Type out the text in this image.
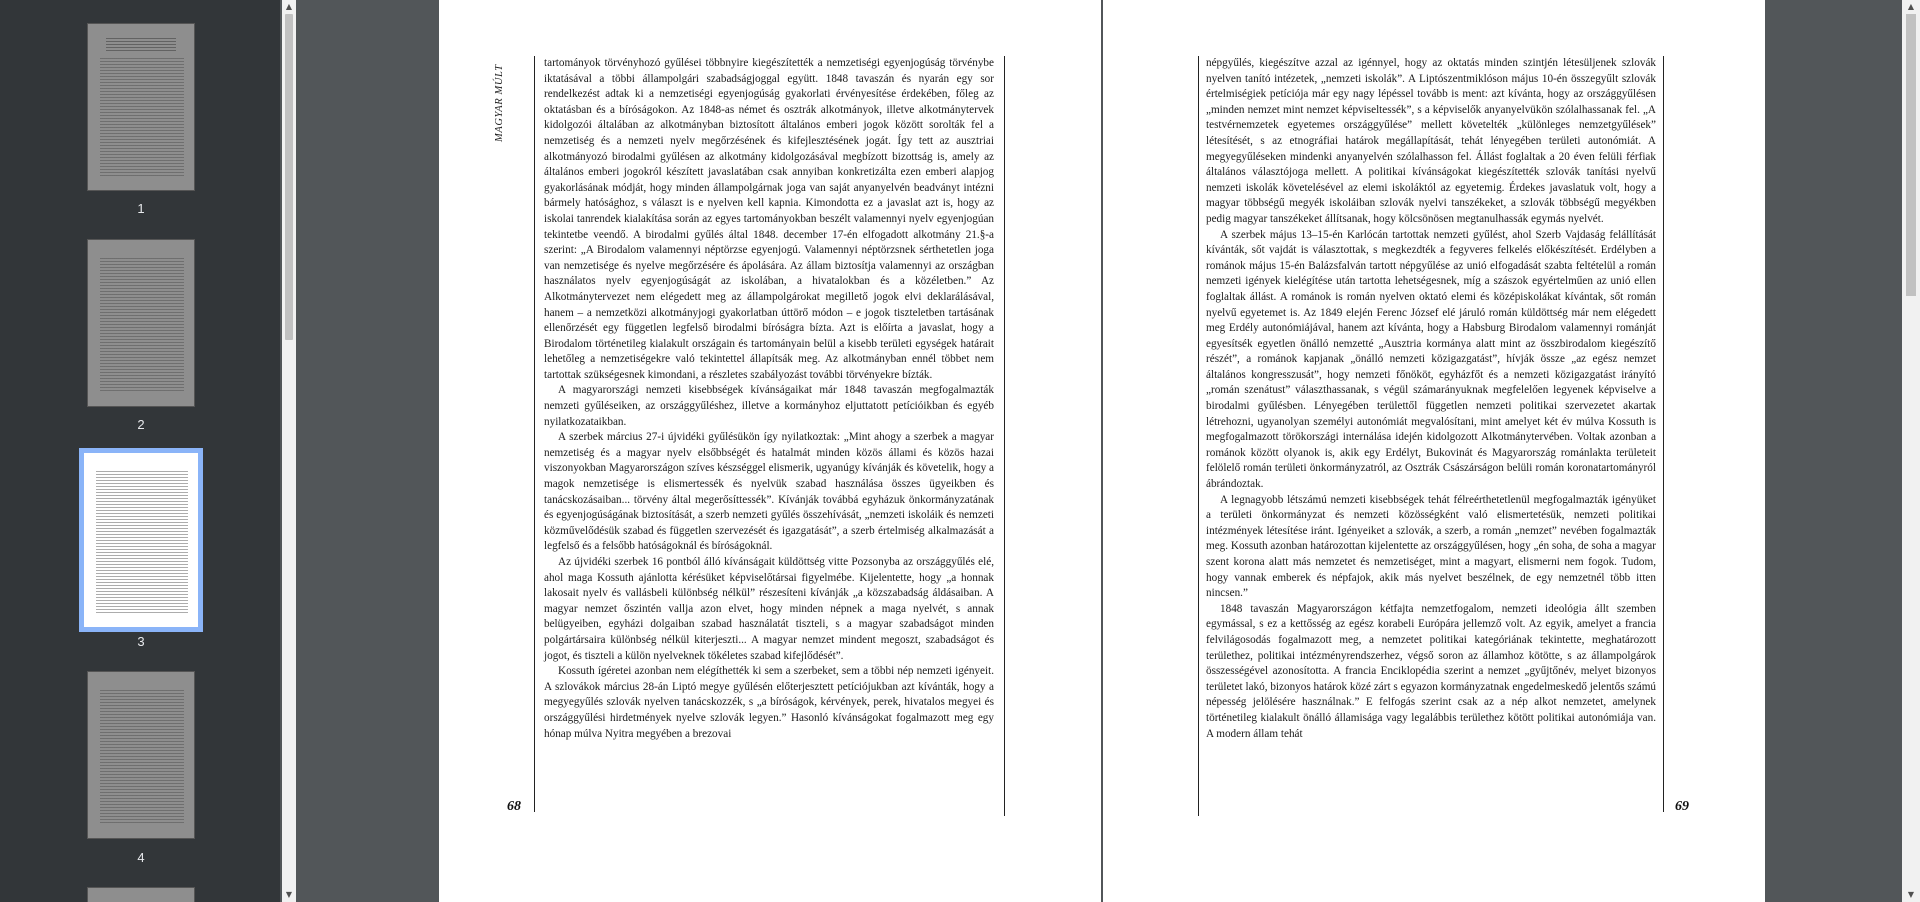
1
2
3
4
▲
▼
MAGYAR MÚLT

tartományok törvényhozó gyűlései többnyire kiegészítették a nemzetiségi egyenjogúság törvénybe iktatásával a többi állampolgári szabadságjoggal együtt. 1848 tavaszán és nyarán egy sor rendelkezést adtak ki a nemzetiségi egyenjogúság gyakorlati érvényesítése érdekében, főleg az oktatásban és a bíróságokon. Az 1848-as német és osztrák alkotmányok, illetve alkotmánytervek kidolgozói általában az alkotmányban biztosított általános emberi jogok között sorolták fel a nemzetiség és a nemzeti nyelv megőrzésének és kifejlesztésének jogát. Így tett az ausztriai alkotmányozó birodalmi gyűlésen az alkotmány kidolgozásával megbízott bizottság is, amely az általános emberi jogokról készített javaslatában csak annyiban konkretizálta ezen emberi alapjog gyakorlásának módját, hogy minden állampolgárnak joga van saját anyanyelvén beadványt intézni bármely hatósághoz, s választ is e nyelven kell kapnia. Kimondotta ez a javaslat azt is, hogy az iskolai tanrendek kialakítása során az egyes tartományokban beszélt valamennyi nyelv egyenjogúan tekintetbe veendő. A birodalmi gyűlés által 1848. december 17-én elfogadott alkotmány 21.§-a szerint: „A Birodalom valamennyi néptörzse egyenjogú. Valamennyi néptörzsnek sérthetetlen joga van nemzetisége és nyelve megőrzésére és ápolására. Az állam biztosítja valamennyi az országban használatos nyelv egyenjogúságát az iskolában, a hivatalokban és a közéletben.” Az Alkotmánytervezet nem elégedett meg az állampolgárokat megillető jogok elvi deklarálásával, hanem – a nemzetközi alkotmányjogi gyakorlatban úttörő módon – e jogok tiszteletben tartásának ellenőrzését egy független legfelső birodalmi bíróságra bízta. Azt is előírta a javaslat, hogy a Birodalom történetileg kialakult országain és tartományain belül a kisebb területi egységek határait lehetőleg a nemzetiségekre való tekintettel állapítsák meg. Az alkotmányban ennél többet nem tartottak szükségesnek kimondani, a részletes szabályozást további törvényekre bízták.

A magyarországi nemzeti kisebbségek kívánságaikat már 1848 tavaszán megfogalmazták nemzeti gyűléseiken, az országgyűléshez, illetve a kormányhoz eljuttatott petícióikban és egyéb nyilatkozataikban.

A szerbek március 27-i újvidéki gyűlésükön így nyilatkoztak: „Mint ahogy a szerbek a magyar nemzetiség és a magyar nyelv elsőbbségét és hatalmát minden közös állami és közös hazai viszonyokban Magyarországon szíves készséggel elismerik, ugyanúgy kívánják és követelik, hogy a magok nemzetisége is elismertessék és nyelvük szabad használása összes ügyeikben és tanácskozásaiban... törvény által megerősíttessék”. Kívánják továbbá egyházuk önkormányzatának és egyenjogúságának biztosítását, a szerb nemzeti gyűlés összehívását, „nemzeti iskoláik és nemzeti közművelődésük szabad és független szervezését és igazgatását”, a szerb értelmiség alkalmazását a legfelső és a felsőbb hatóságoknál és bíróságoknál.

Az újvidéki szerbek 16 pontból álló kívánságait küldöttség vitte Pozsonyba az országgyűlés elé, ahol maga Kossuth ajánlotta kérésüket képviselőtársai figyelmébe. Kijelentette, hogy „a honnak lakosait nyelv és vallásbeli különbség nélkül” részesíteni kívánják „a közszabadság áldásaiban. A magyar nemzet őszintén vallja azon elvet, hogy minden népnek a maga nyelvét, s annak belügyeiben, egyházi dolgaiban szabad használatát tiszteli, s a magyar szabadságot minden polgártársaira különbség nélkül kiterjeszti... A magyar nemzet mindent megoszt, szabadságot és jogot, és tiszteli a külön nyelveknek tökéletes szabad kifejlődését”.

Kossuth ígéretei azonban nem elégíthették ki sem a szerbeket, sem a többi nép nemzeti igényeit. A szlovákok március 28-án Liptó megye gyűlésén előterjesztett petíciójukban azt kívánták, hogy a megyegyűlés szlovák nyelven tanácskozzék, s „a bíróságok, kérvények, perek, hivatalos megyei és országgyűlési hirdetmények nyelve szlovák legyen.” Hasonló kívánságokat fogalmazott meg egy hónap múlva Nyitra megyében a brezovai

68

népgyűlés, kiegészítve azzal az igénnyel, hogy az oktatás minden szintjén létesüljenek szlovák nyelven tanító intézetek, „nemzeti iskolák”. A Liptószentmiklóson május 10-én összegyűlt szlovák értelmiségiek petíciója már egy nagy lépéssel tovább is ment: azt kívánta, hogy az országgyűlésen „minden nemzet mint nemzet képviseltessék”, s a képviselők anyanyelvükön szólalhassanak fel. „A testvérnemzetek egyetemes országgyűlése” mellett követelték „különleges nemzetgyűlések” létesítését, s az etnográfiai határok megállapítását, tehát lényegében területi autonómiát. A megyegyűléseken mindenki anyanyelvén szólalhasson fel. Állást foglaltak a 20 éven felüli férfiak általános választójoga mellett. A politikai kívánságokat kiegészítették szlovák tanítási nyelvű nemzeti iskolák követelésével az elemi iskoláktól az egyetemig. Érdekes javaslatuk volt, hogy a magyar többségű megyék iskoláiban szlovák nyelvi tanszékeket, a szlovák többségű megyékben pedig magyar tanszékeket állítsanak, hogy kölcsönösen megtanulhassák egymás nyelvét.

A szerbek május 13–15-én Karlócán tartottak nemzeti gyűlést, ahol Szerb Vajdaság felállítását kívánták, sőt vajdát is választottak, s megkezdték a fegyveres felkelés előkészítését. Erdélyben a románok május 15-én Balázsfalván tartott népgyűlése az unió elfogadását szabta feltételül a román nemzeti igények kielégítése után tartotta lehetségesnek, míg a szászok egyértelműen az unió ellen foglaltak állást. A románok is román nyelven oktató elemi és középiskolákat kívántak, sőt román nyelvű egyetemet is. Az 1849 elején Ferenc József elé járuló román küldöttség már nem elégedett meg Erdély autonómiájával, hanem azt kívánta, hogy a Habsburg Birodalom valamennyi románját egyesítsék egyetlen önálló nemzetté „Ausztria kormánya alatt mint az összbirodalom kiegészítő részét”, a románok kapjanak „önálló nemzeti közigazgatást”, hívják össze „az egész nemzet általános kongresszusát”, hogy nemzeti főnököt, egyházfőt és a nemzeti közigazgatást irányító „román szenátust” választhassanak, s végül számarányuknak megfelelően legyenek képviselve a birodalmi gyűlésben. Lényegében területtől független nemzeti politikai szervezetet akartak létrehozni, ugyanolyan személyi autonómiát megvalósítani, mint amelyet két év múlva Kossuth is megfogalmazott törökországi internálása idején kidolgozott Alkotmánytervében. Voltak azonban a románok között olyanok is, akik egy Erdélyt, Bukovinát és Magyarország románlakta területeit felölelő román területi önkormányzatról, az Osztrák Császárságon belüli román koronatartományról ábrándoztak.

A legnagyobb létszámú nemzeti kisebbségek tehát félreérthetetlenül megfogalmazták igényüket a területi önkormányzat és nemzeti közösségként való elismertetésük, nemzeti politikai intézmények létesítése iránt. Igényeiket a szlovák, a szerb, a román „nemzet” nevében fogalmazták meg. Kossuth azonban határozottan kijelentette az országgyűlésen, hogy „én soha, de soha a magyar szent korona alatt más nemzetet és nemzetiséget, mint a magyart, elismerni nem fogok. Tudom, hogy vannak emberek és népfajok, akik más nyelvet beszélnek, de egy nemzetnél több itten nincsen.”

1848 tavaszán Magyarországon kétfajta nemzetfogalom, nemzeti ideológia állt szemben egymással, s ez a kettősség az egész korabeli Európára jellemző volt. Az egyik, amelyet a francia felvilágosodás fogalmazott meg, a nemzetet politikai kategóriának tekintette, meghatározott területhez, politikai intézményrendszerhez, végső soron az államhoz kötötte, s az állampolgárok összességével azonosította. A francia Enciklopédia szerint a nemzet „gyűjtőnév, melyet bizonyos területet lakó, bizonyos határok közé zárt s egyazon kormányzatnak engedelmeskedő jelentős számú népesség jelölésére használnak.” E felfogás szerint csak az a nép alkot nemzetet, amelynek történetileg kialakult önálló államisága vagy legalábbis területhez kötött politikai autonómiája van. A modern állam tehát

69
▲
▼
